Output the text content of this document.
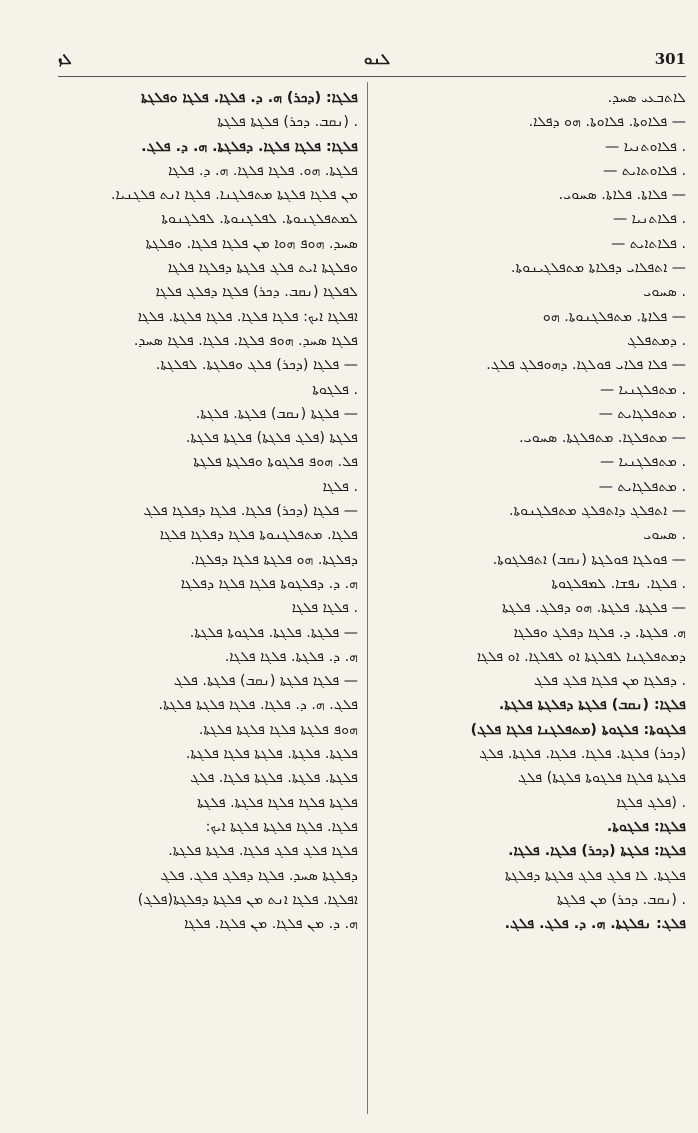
ܠܙ	ܠܢܘ	301
ܠܐܬܒܥܝ ܣܚܕ.
— ܦܠܐܘܬܐ. ܦܠܐܘܬܐ. ܗܘ ܕܦܠܐ.
. ܦܠܐܘܬܢܝܐ —
. ܦܠܐܘܬܐܝܬ —
— ܦܠܐܬܐ. ܦܠܐܬܐ. ܣܚܘܝ.
. ܦܠܐܬܢܝܐ —
. ܦܠܐܬܐܝܬ —
— ܐܬܦܠܐܝ ܕܦܠܐܬܐ ܡܬܦܠܓܝܢܘܬܐ.
. ܣܚܘܝ
— ܦܠܐܬܐ. ܡܬܦܠܓܢܘܬܐ. ܗܘ
. ܕܡܬܦܠܓ
— ܦܠܐ ܦܠܐܝ ܦܘܠܓܐ. ܕܗܘܦܠܓ ܦܠܓ.
. ܡܬܦܠܓܢܝܐ —
. ܡܬܦܠܓܐܝܬ —
— ܡܬܦܠܓܐ. ܡܬܦܠܓܬܐ. ܣܚܘܝ.
. ܡܬܦܠܓܢܝܐ —
. ܡܬܦܠܓܐܝܬ —
— ܐܬܦܠܓ ܕܐܬܦܠܓ ܡܬܦܠܓܢܘܬܐ.
. ܣܚܘܝ
— ܦܘܠܓܐ ܦܘܠܓܬܐ (ܢܩܒ) ܐܬܦܠܓܘܬܐ.
. ܦܠܓܐ. ܢܦܫܐ. ܠܡܦܠܓܘܬܐ
— ܦܠܓܬܐ. ܦܠܓܬܐ. ܗܘ ܕܦܠܓ. ܦܠܓܬܐ
ܗ. ܦܠܓܬܐ. ܕ. ܦܠܓܐ ܕܦܠܓ ܘܦܠܓܐ
ܕܡܬܦܠܓܢܐ ܠܦܠܓܬܐ ܐܘ ܠܦܠܓܐ. ܐܘ ܦܠܓܐ
. ܕܦܠܓܐ ܡܢ ܦܠܓܐ ܦܠܓ ܦܠܓ
ܦܠܓܐ: (ܢܩܒ) ܦܠܓܬܐ ܕܦܠܓܬܐ ܦܠܓܬܐ.
ܦܠܓܘܬܐ: ܦܠܓܘܬܐ (ܡܬܦܠܓܢܐ ܦܠܓܐ ܦܠܓ)
(ܕܟܪ) ܦܠܓܬܐ. ܦܠܓܐ. ܦܠܓܐ. ܦܠܓܬܐ. ܦܠܓ
ܦܠܓܬܐ ܦܠܓܐ ܦܠܓܘܬܐ ܦܠܓܬܐ) ܦܠܓ
. (ܦܠܓ ܦܠܓܐ
ܦܠܓܐ: ܦܠܓܘܬܐ.
ܦܠܓܐ: ܦܠܓܬܐ (ܕܟܪ) ܦܠܓܐ. ܦܠܓܐ.
ܦܠܓܬܐ. ܠܐ ܦܠܓ ܦܠܓ ܦܠܓܬܐ ܕܦܠܓܬܐ
. (ܢܩܒ. ܕܟܪ) ܡܢ ܦܠܓܬܐ
ܦܠܓ: ܢܦܠܓܬܐ. ܗ. ܕ. ܦܠܓ. ܦܠܓ.
ܦܠܓܐ: (ܕܟܪ) ܗ. ܕ. ܦܠܓܐ. ܦܠܓܐ ܘܦܠܓܬܐ
. (ܢܩܒ. ܕܟܪ) ܦܠܓܬܐ ܦܠܓܬܐ
ܦܠܓܐ: ܦܠܓܐ ܦܠܓܐ. ܕܦܠܓܬܐ. ܗ. ܕ. ܦܠܓ.
ܦܠܓܬܐ. ܗܘ. ܦܠܓܐ ܦܠܓܐ. ܗ. ܕ. ܦܠܓܐ
ܡܢ ܦܠܓܐ ܦܠܓܬܐ ܡܬܦܠܓܢܐ. ܦܠܓܐ ܐܢܬ ܦܠܓܢܝܐ.
ܠܡܬܦܠܓܢܘܬܐ. ܠܦܠܓܢܘܬܐ. ܠܦܠܓܢܘܬܐ
ܣܚܕ. ܗܘܦ ܗܘܐ ܡܢ ܦܠܓܐ ܦܠܓܐ. ܘܦܠܓܬܐ
ܘܦܠܓܬܐ ܐܝܬ ܦܠܓ ܦܠܓܬܐ ܕܦܠܓܐ ܦܠܓܐ
ܠܦܠܓܐ (ܢܩܒ. ܕܟܪ) ܦܠܓܐ ܕܦܠܓ ܦܠܓܐ
ܐܦܠܓܐ ܐܝܟ: ܦܠܓܐ ܦܠܓܐ. ܦܠܓܐ ܦܠܓܬܐ. ܦܠܓܐ
ܦܠܓܐ ܣܚܕ. ܗܘܦ ܦܠܓܐ. ܦܠܓܐ. ܦܠܓܐ ܣܚܕ.
— ܦܠܓܐ (ܕܟܪ) ܦܠܓ ܘܦܠܓܬܐ. ܠܦܠܓܬܐ.
. ܦܠܓܘܬܐ
— ܦܠܓܬܐ (ܢܩܒ) ܦܠܓܬܐ. ܦܠܓܬܐ.
ܦܠܓܬܐ (ܦܠܓ ܦܠܓܬܐ) ܦܠܓܬܐ ܦܠܓܬܐ.
ܦܠ. ܗܘܦ ܦܠܓܘܬܐ ܘܦܠܓܬܐ ܦܠܓܬܐ
. ܦܠܓܐ
— ܦܠܓܐ (ܕܟܪ) ܦܠܓܐ. ܦܠܓܐ ܕܦܠܓܐ ܦܠܓ
ܦܠܓܐ. ܡܬܦܠܓܢܘܬܐ ܦܠܓܐ ܕܦܠܓܐ ܦܠܓܐ
ܕܦܠܓܬܐ. ܗܘ ܦܠܓܬܐ ܦܠܓܐ ܕܦܠܓܐ.
ܗ. ܕ. ܕܦܠܓܘܬܐ ܦܠܓܐ ܦܠܓܐ ܕܦܠܓܐ
. ܦܠܓܐ ܦܠܓܐ
— ܦܠܓܬܐ. ܦܠܓܬܐ. ܦܠܓܘܬܐ ܦܠܓܬܐ.
ܗ. ܕ. ܦܠܓܬܐ. ܦܠܓܐ ܦܠܓܐ.
— ܦܠܓܐ ܦܠܓܬܐ (ܢܩܒ) ܦܠܓܬܐ. ܦܠܓ
ܦܠܓ. ܗ. ܕ. ܦܠܓܐ. ܦܠܓܐ ܦܠܓܬܐ ܦܠܓܬܐ.
ܗܘܦ ܦܠܓܬܐ ܦܠܓܐ ܦܠܓܬܐ ܦܠܓܬܐ.
ܦܠܓܬܐ. ܦܠܓܬܐ. ܦܠܓܬܐ ܦܠܓܐ ܦܠܓܬܐ.
ܦܠܓܬܐ. ܦܠܓܬܐ. ܦܠܓܬܐ ܦܠܓܐ. ܦܠܓ
ܦܠܓܬܐ ܦܠܓܐ ܦܠܓܐ ܦܠܓܬܐ. ܦܠܓܬܐ
ܦܠܓܐ. ܦܠܓܐ ܦܠܓܬܐ ܦܠܓܬܐ ܐܝܟ:
ܦܠܓܐ ܦܠܓ ܦܠܓ ܦܠܓܐ. ܦܠܓܬܐ ܦܠܓܬܐ.
ܕܦܠܓܬܐ ܣܚܕ. ܦܠܓܐ ܕܦܠܓ ܦܠܓ. ܦܠܓ
ܐܦܠܓܐ. ܦܠܓܐ ܐܢܬ ܡܢ ܦܠܓܬܐ ܕܦܠܓܬܐ(ܦܠܓ)
ܗ. ܕ. ܡܢ ܦܠܓܐ. ܡܢ ܦܠܓܐ. ܦܠܓܐ
